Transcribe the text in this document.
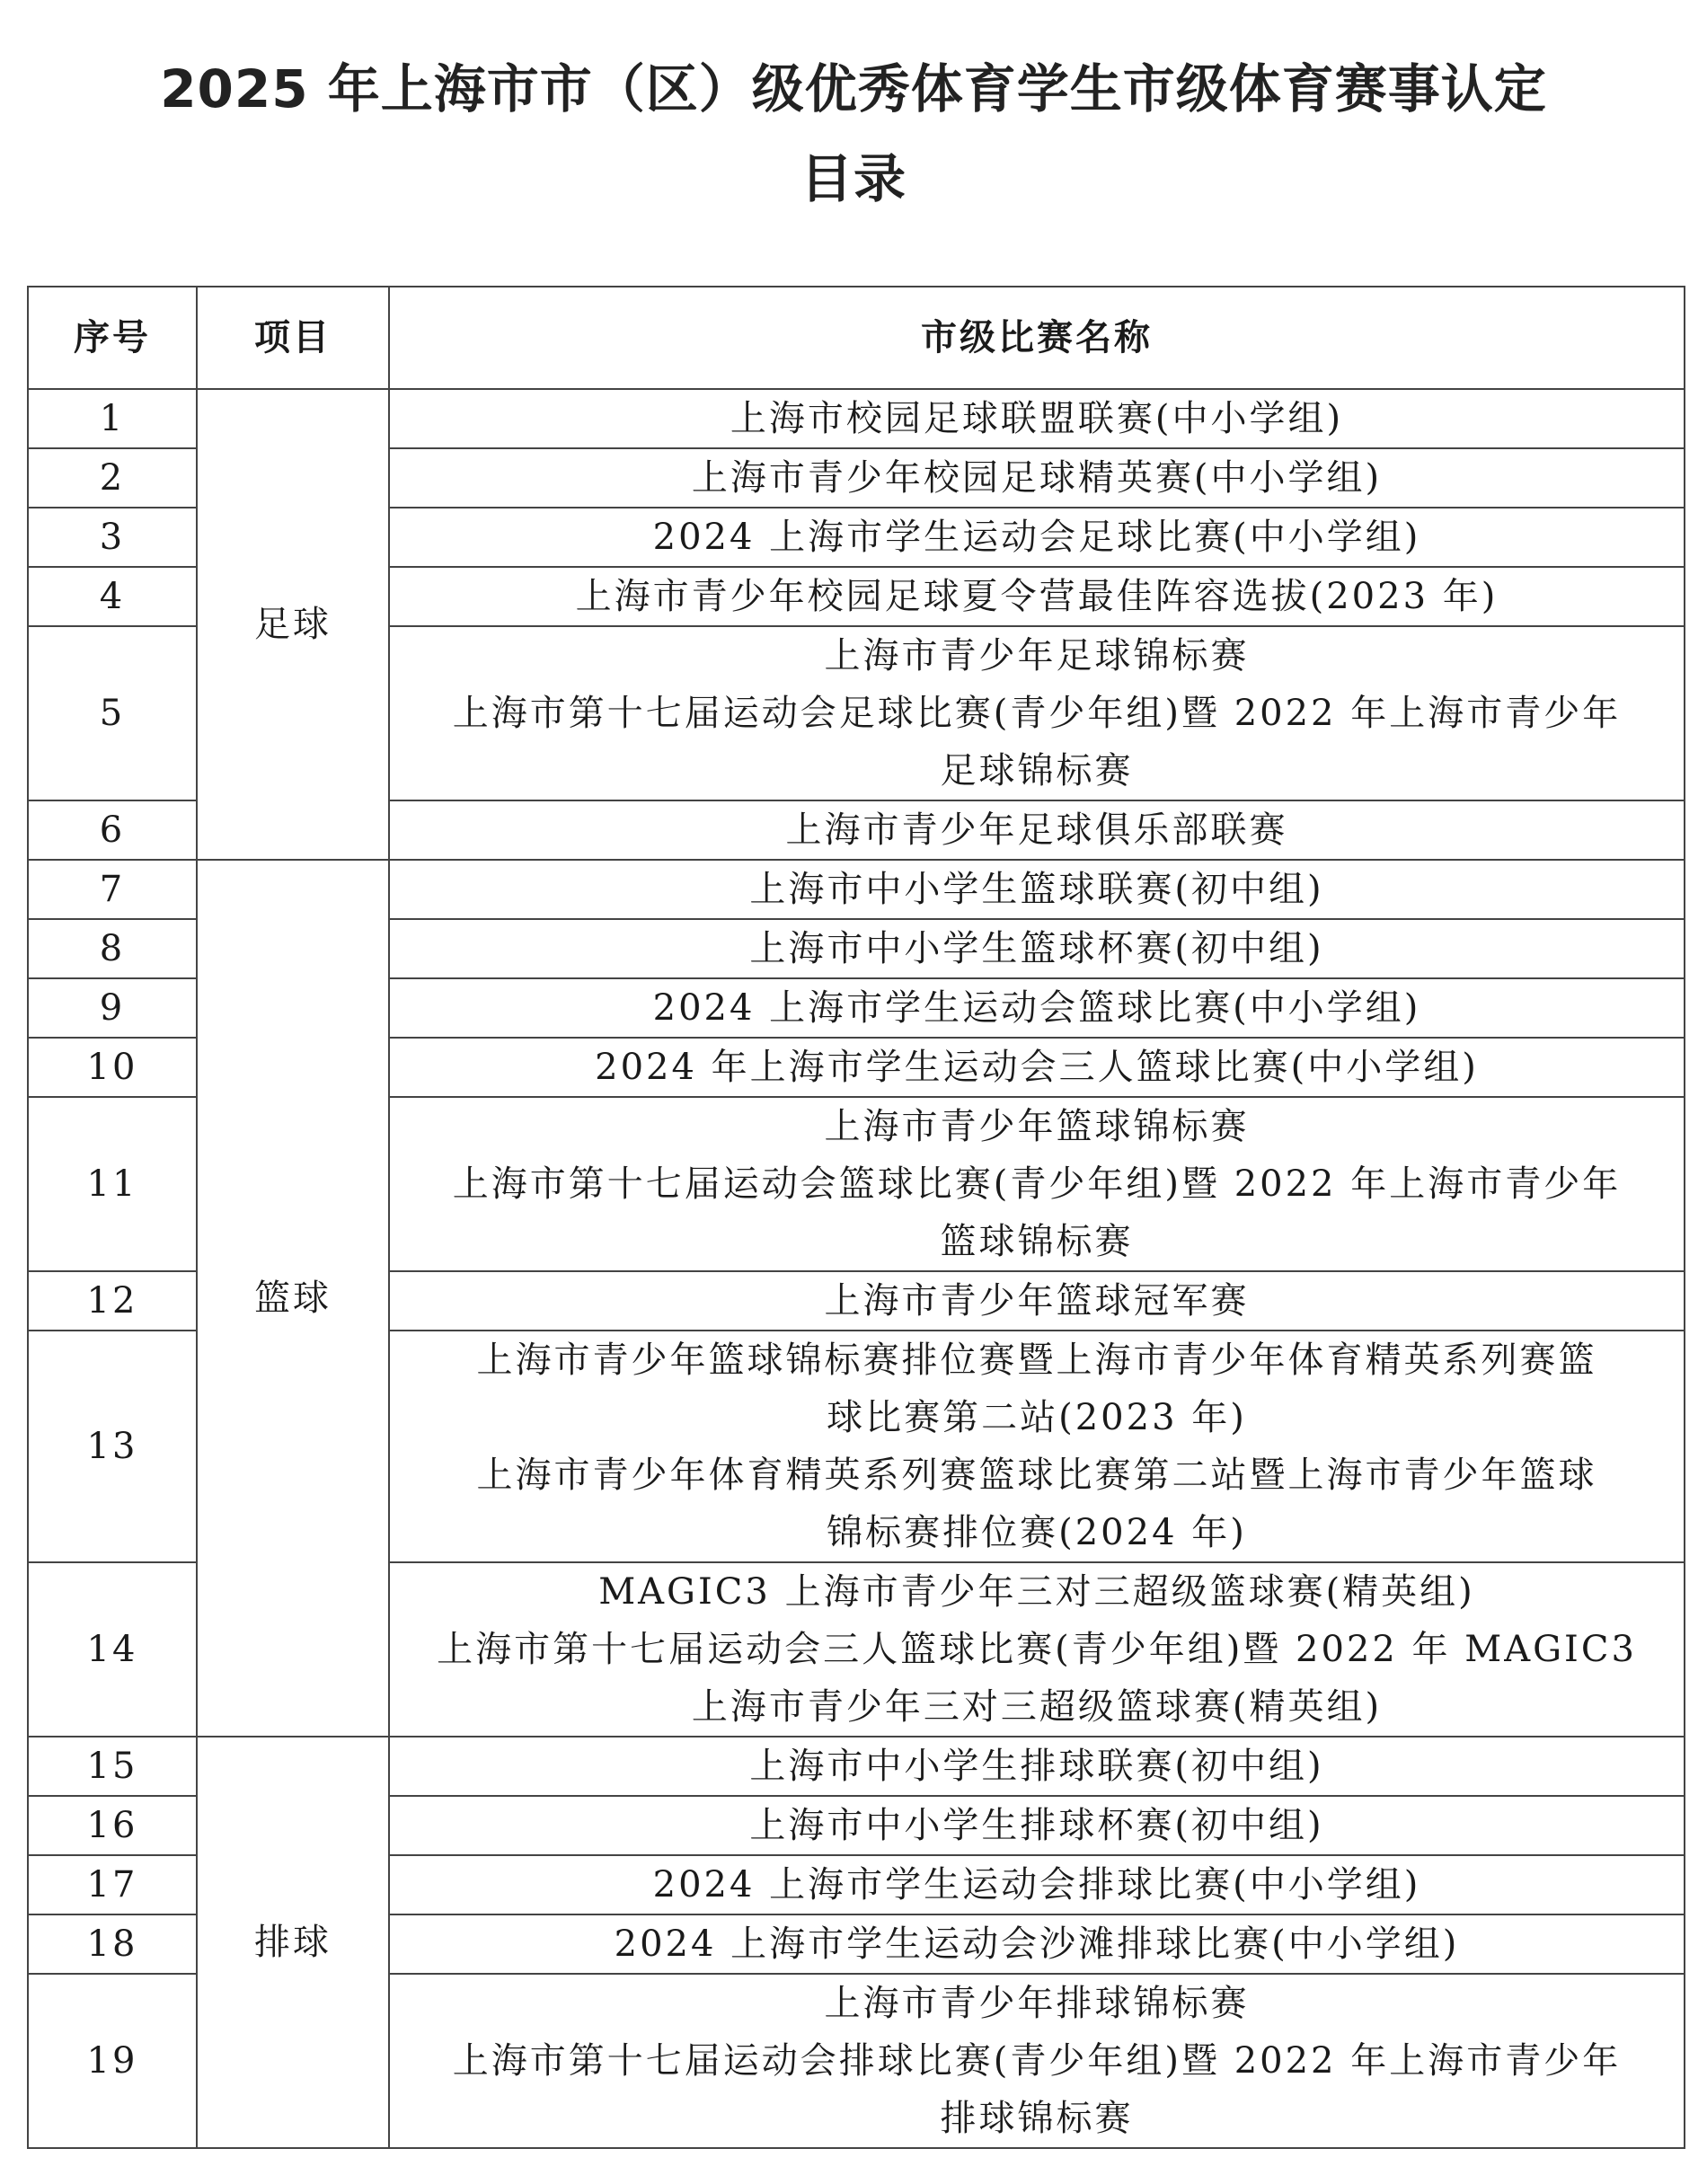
2025 年上海市市（区）级优秀体育学生市级体育赛事认定
目录
序号	项目	市级比赛名称
1	足球	上海市校园足球联盟联赛(中小学组)

2		上海市青少年校园足球精英赛(中小学组)

3		2024 上海市学生运动会足球比赛(中小学组)

4		上海市青少年校园足球夏令营最佳阵容选拔(2023 年)

5		上海市青少年足球锦标赛
上海市第十七届运动会足球比赛(青少年组)暨 2022 年上海市青少年
足球锦标赛

6		上海市青少年足球俱乐部联赛

7	篮球	上海市中小学生篮球联赛(初中组)

8		上海市中小学生篮球杯赛(初中组)

9		2024 上海市学生运动会篮球比赛(中小学组)

10		2024 年上海市学生运动会三人篮球比赛(中小学组)

11		上海市青少年篮球锦标赛
上海市第十七届运动会篮球比赛(青少年组)暨 2022 年上海市青少年
篮球锦标赛

12		上海市青少年篮球冠军赛

13		上海市青少年篮球锦标赛排位赛暨上海市青少年体育精英系列赛篮
球比赛第二站(2023 年)
上海市青少年体育精英系列赛篮球比赛第二站暨上海市青少年篮球
锦标赛排位赛(2024 年)

14		MAGIC3 上海市青少年三对三超级篮球赛(精英组)
上海市第十七届运动会三人篮球比赛(青少年组)暨 2022 年 MAGIC3
上海市青少年三对三超级篮球赛(精英组)

15	排球	上海市中小学生排球联赛(初中组)

16		上海市中小学生排球杯赛(初中组)

17		2024 上海市学生运动会排球比赛(中小学组)

18		2024 上海市学生运动会沙滩排球比赛(中小学组)

19		上海市青少年排球锦标赛
上海市第十七届运动会排球比赛(青少年组)暨 2022 年上海市青少年
排球锦标赛
